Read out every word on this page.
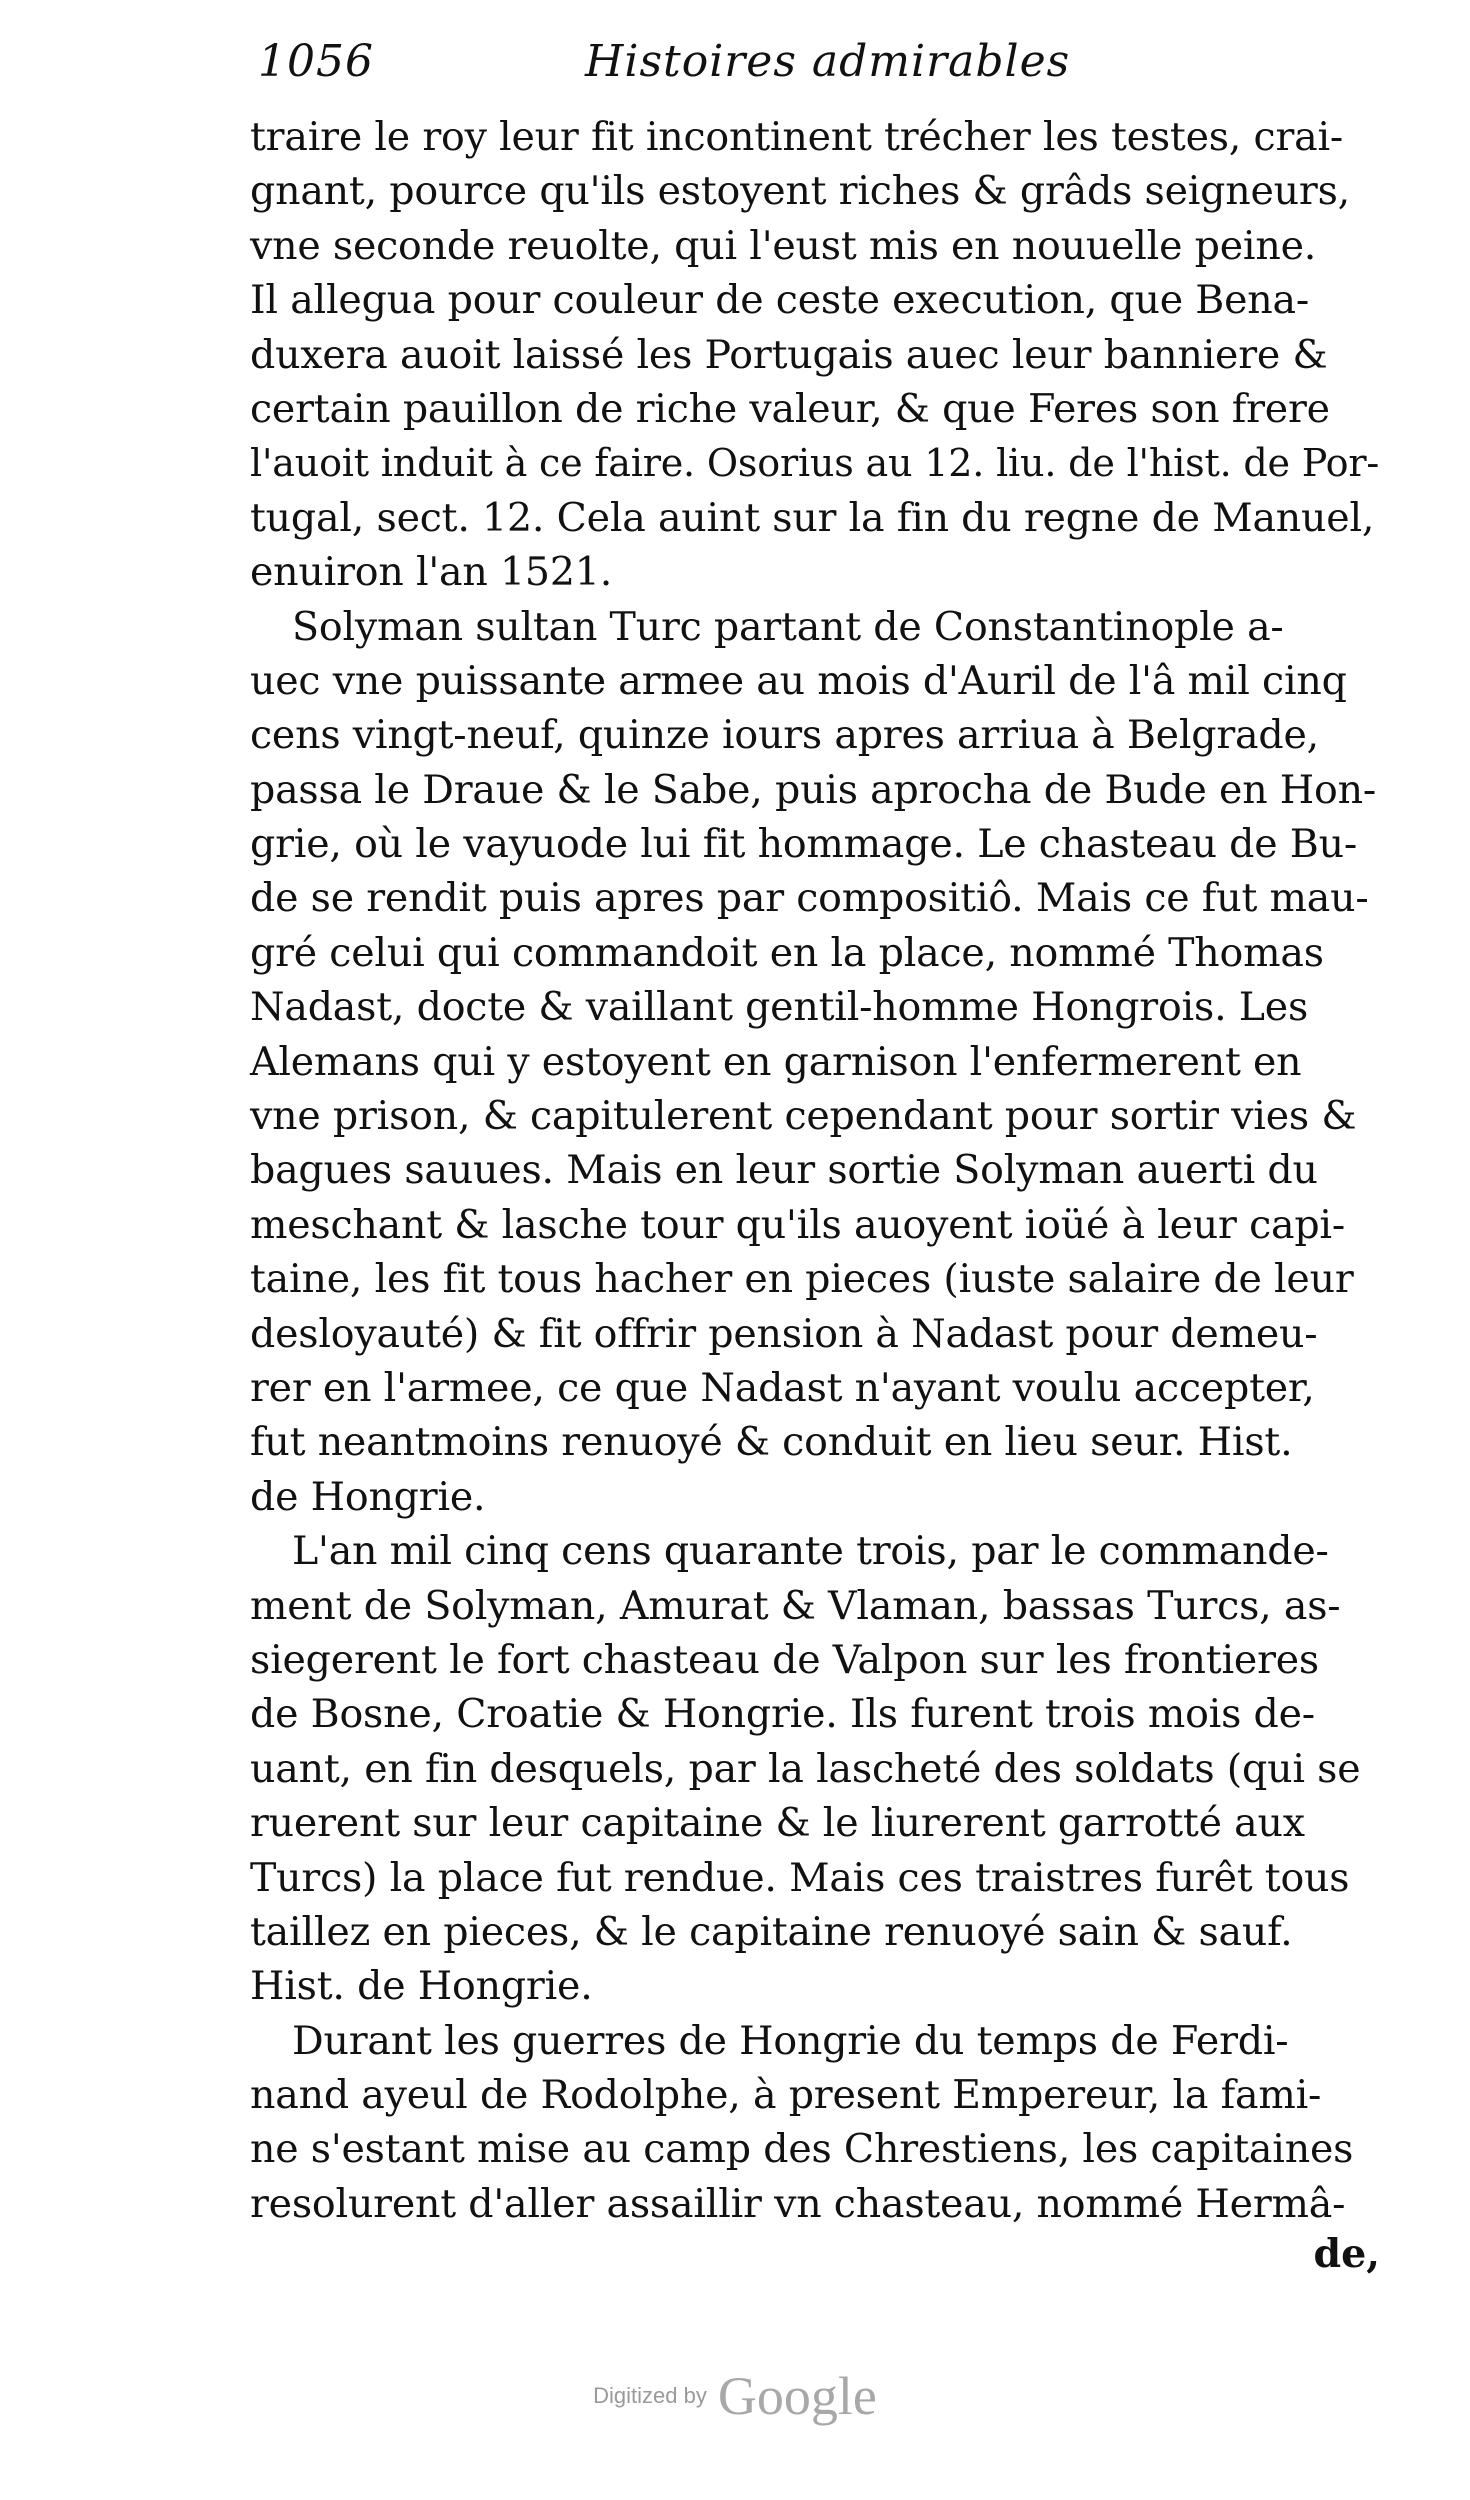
1056	Histoires admirables
traire le roy leur fit incontinent trécher les testes, crai-
gnant, pource qu'ils estoyent riches & grâds seigneurs,
vne seconde reuolte, qui l'eust mis en nouuelle peine.
Il allegua pour couleur de ceste execution, que Bena-
duxera auoit laissé les Portugais auec leur banniere &
certain pauillon de riche valeur, & que Feres son frere
l'auoit induit à ce faire. Osorius au 12. liu. de l'hist. de Por-
tugal, sect. 12. Cela auint sur la fin du regne de Manuel,
enuiron l'an 1521.
Solyman sultan Turc partant de Constantinople a-
uec vne puissante armee au mois d'Auril de l'â mil cinq
cens vingt-neuf, quinze iours apres arriua à Belgrade,
passa le Draue & le Sabe, puis aprocha de Bude en Hon-
grie, où le vayuode lui fit hommage. Le chasteau de Bu-
de se rendit puis apres par compositiô. Mais ce fut mau-
gré celui qui commandoit en la place, nommé Thomas
Nadast, docte & vaillant gentil-homme Hongrois. Les
Alemans qui y estoyent en garnison l'enfermerent en
vne prison, & capitulerent cependant pour sortir vies &
bagues sauues. Mais en leur sortie Solyman auerti du
meschant & lasche tour qu'ils auoyent ioüé à leur capi-
taine, les fit tous hacher en pieces (iuste salaire de leur
desloyauté) & fit offrir pension à Nadast pour demeu-
rer en l'armee, ce que Nadast n'ayant voulu accepter,
fut neantmoins renuoyé & conduit en lieu seur. Hist.
de Hongrie.
L'an mil cinq cens quarante trois, par le commande-
ment de Solyman, Amurat & Vlaman, bassas Turcs, as-
siegerent le fort chasteau de Valpon sur les frontieres
de Bosne, Croatie & Hongrie. Ils furent trois mois de-
uant, en fin desquels, par la lascheté des soldats (qui se
ruerent sur leur capitaine & le liurerent garrotté aux
Turcs) la place fut rendue. Mais ces traistres furêt tous
taillez en pieces, & le capitaine renuoyé sain & sauf.
Hist. de Hongrie.
Durant les guerres de Hongrie du temps de Ferdi-
nand ayeul de Rodolphe, à present Empereur, la fami-
ne s'estant mise au camp des Chrestiens, les capitaines
resolurent d'aller assaillir vn chasteau, nommé Hermâ-
de,
Digitized by Google
